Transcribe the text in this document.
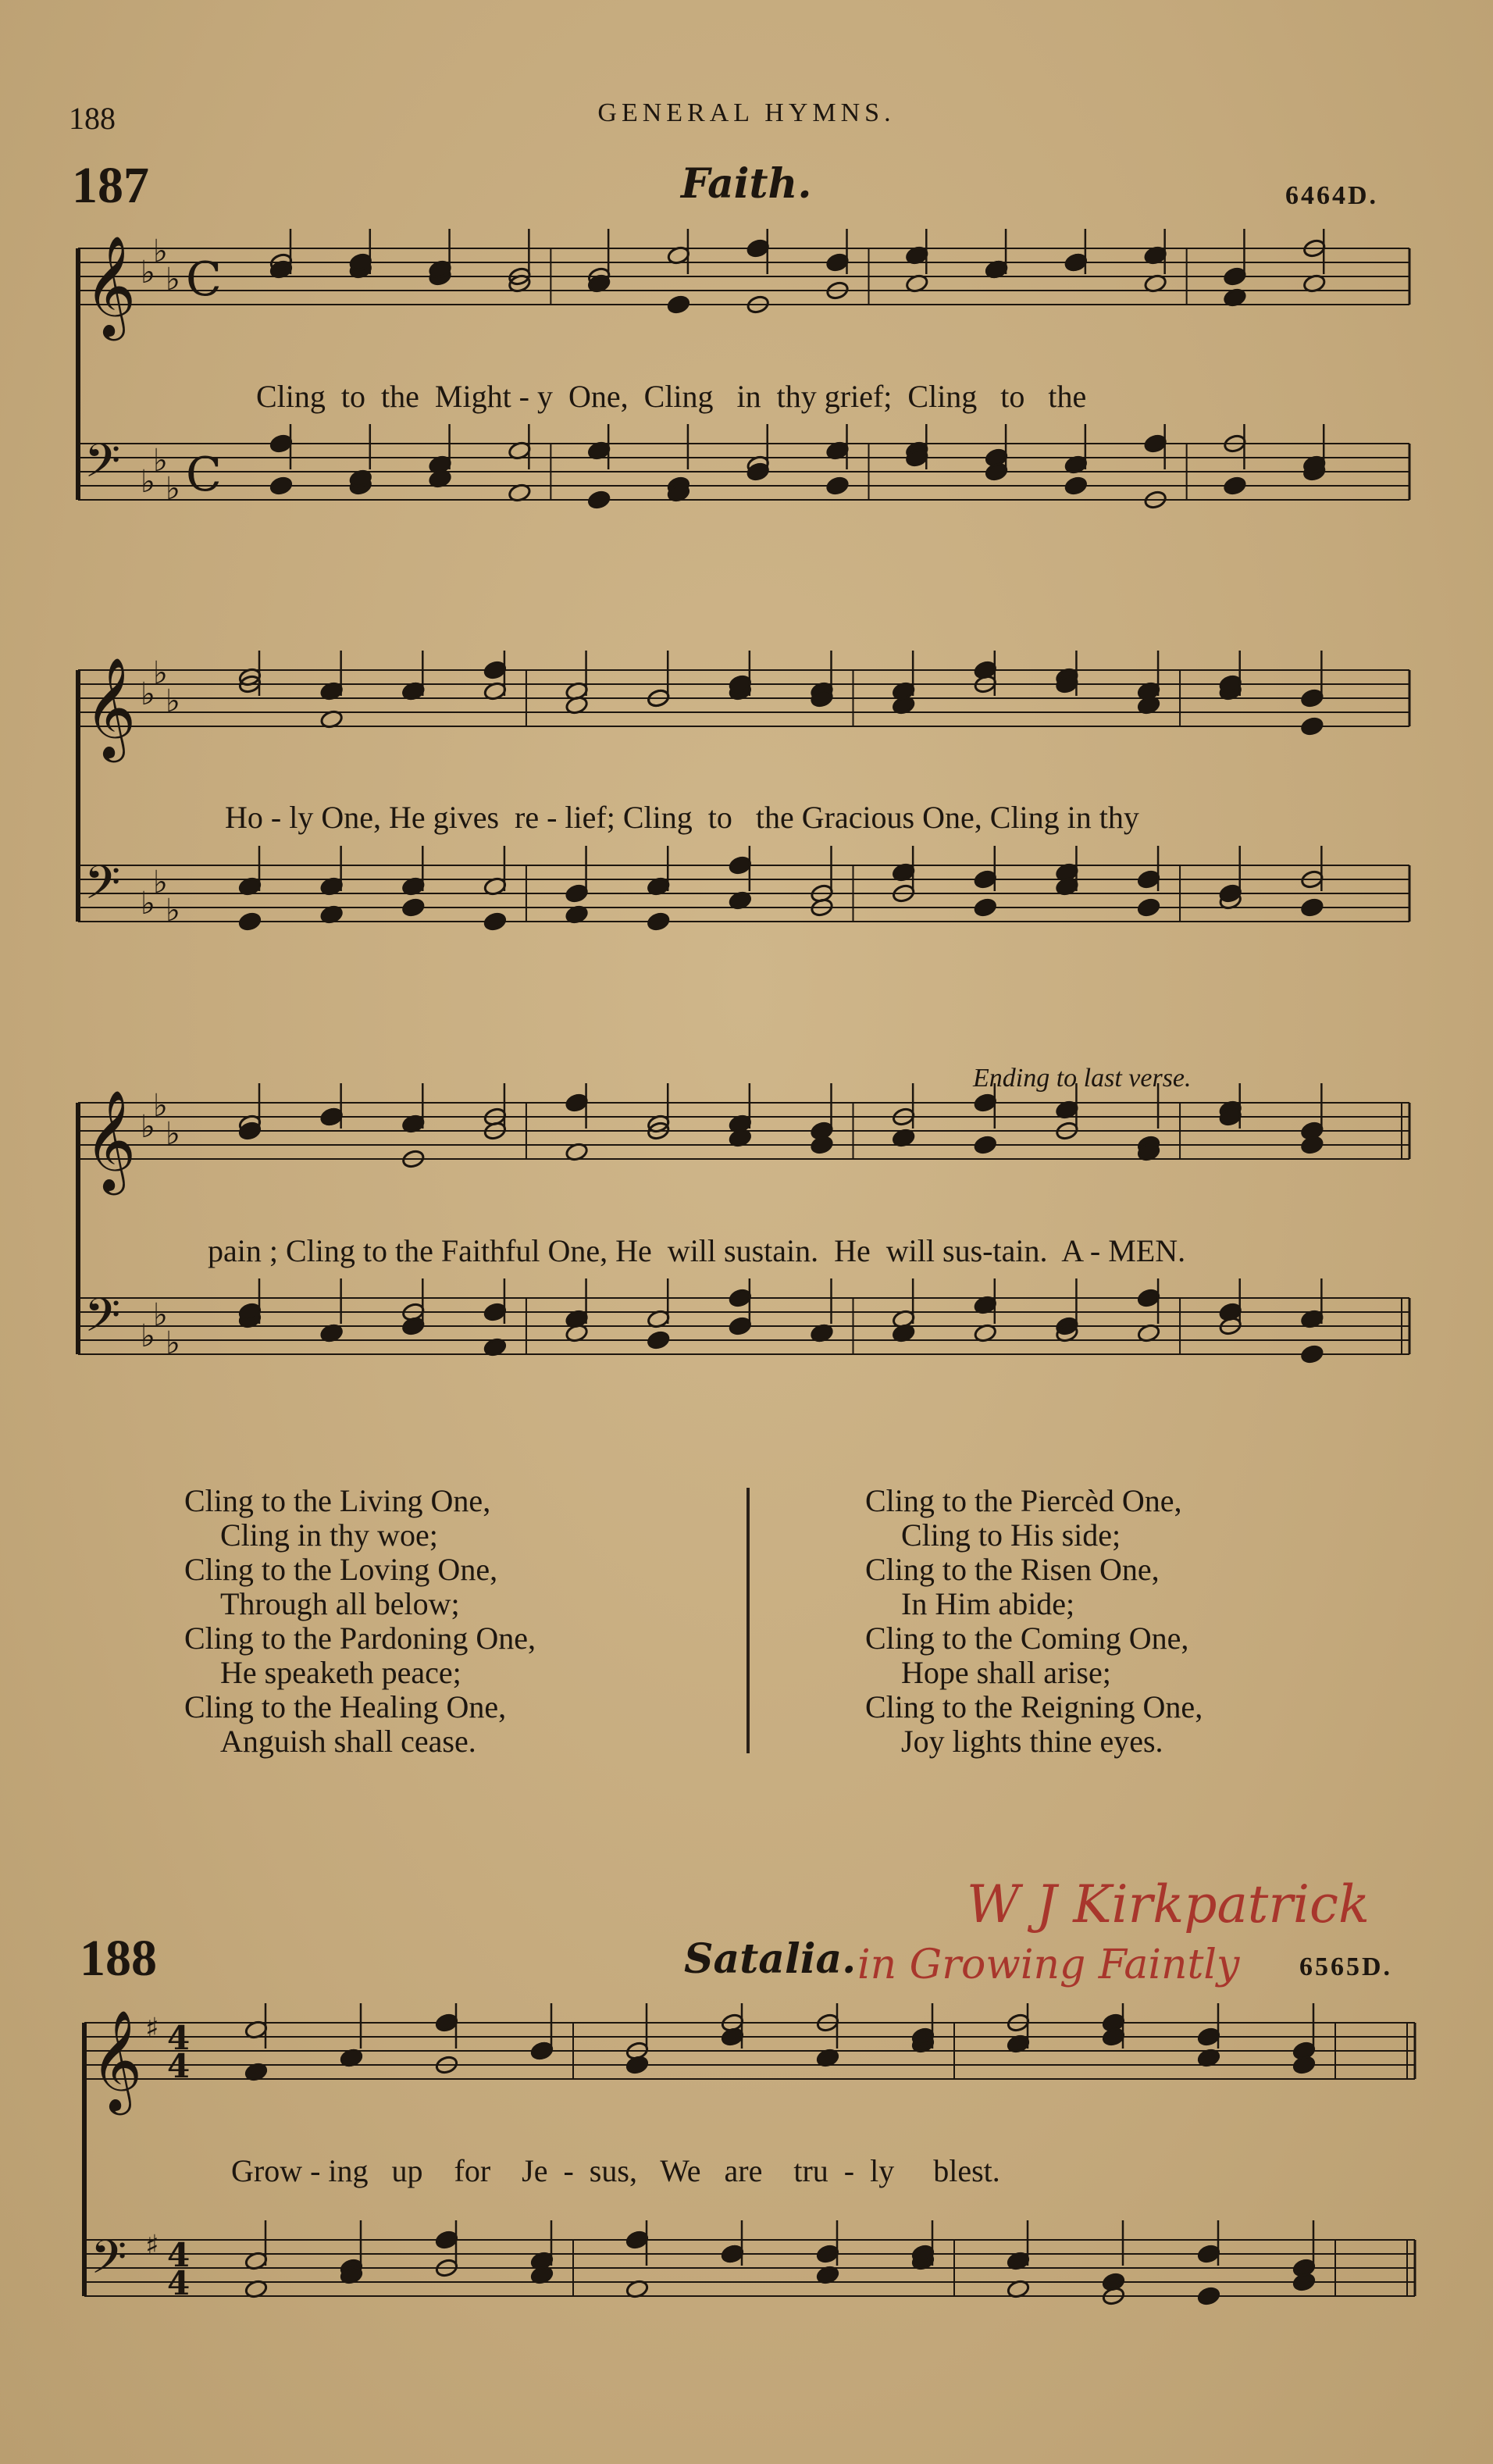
188	GENERAL HYMNS.
187	Faith.	6464D.
𝄞 ♭
♭
♭ C
𝄢 ♭
♭
♭ C
Cling  to  the  Might - y  One,  Cling   in  thy grief;  Cling   to   the
𝄞 ♭
♭
♭
𝄢 ♭
♭
♭
Ho - ly One, He gives  re - lief; Cling  to   the Gracious One, Cling in thy
𝄞 ♭
♭
♭
𝄢 ♭
♭
♭
Ending to last verse.
pain ; Cling to the Faithful One, He  will sustain.  He  will sus-tain.  A - MEN.
Cling to the Living One,
Cling in thy woe;
Cling to the Loving One,
Through all below;
Cling to the Pardoning One,
He speaketh peace;
Cling to the Healing One,
Anguish shall cease.
Cling to the Piercèd One,
Cling to His side;
Cling to the Risen One,
In Him abide;
Cling to the Coming One,
Hope shall arise;
Cling to the Reigning One,
Joy lights thine eyes.
188	Satalia.	6565D.
W J Kirkpatrick
in Growing Faintly
𝄞 ♯ 4
4
𝄢 ♯ 4
4
Grow - ing   up    for    Je  -  sus,   We   are    tru  -  ly     blest.
